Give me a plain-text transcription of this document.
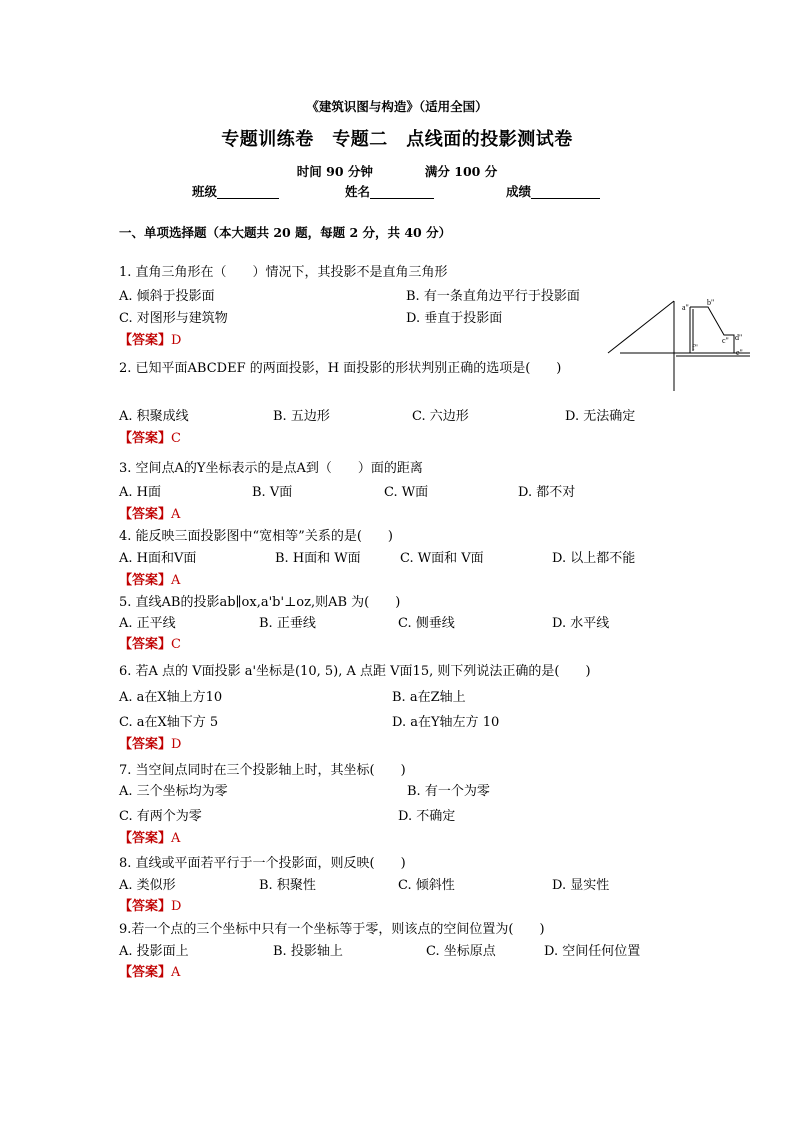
《建筑识图与构造》（适用全国）
专题训练卷　专题二　点线面的投影测试卷
时间 90 分钟	满分 100 分
班级	姓名	成绩
一、单项选择题（本大题共 20 题，每题 2 分，共 40 分）
1. 直角三角形在（　　）情况下，其投影不是直角三角形
A. 倾斜于投影面	B. 有一条直角边平行于投影面
C. 对图形与建筑物	D. 垂直于投影面
【答案】D
2. 已知平面ABCDEF 的两面投影，H 面投影的形状判别正确的选项是(　　)
A. 积聚成线	B. 五边形	C. 六边形	D. 无法确定
【答案】C
3. 空间点A的Y坐标表示的是点A到（　　）面的距离
A. H面	B. V面	C. W面	D. 都不对
【答案】A
4. 能反映三面投影图中“宽相等”关系的是(　　)
A. H面和V面	B. H面和 W面	C. W面和 V面	D. 以上都不能
【答案】A
5. 直线AB的投影ab∥ox,a'b'⊥oz,则AB 为(　　)
A. 正平线	B. 正垂线	C. 侧垂线	D. 水平线
【答案】C
6. 若A 点的 V面投影 a'坐标是(10, 5), A 点距 V面15, 则下列说法正确的是(　　)
A. a在X轴上方10	B. a在Z轴上
C. a在X轴下方 5	D. a在Y轴左方 10
【答案】D
7. 当空间点同时在三个投影轴上时，其坐标(　　)
A. 三个坐标均为零	B. 有一个为零
C. 有两个为零	D. 不确定
【答案】A
8. 直线或平面若平行于一个投影面，则反映(　　)
A. 类似形	B. 积聚性	C. 倾斜性	D. 显实性
【答案】D
9.若一个点的三个坐标中只有一个坐标等于零，则该点的空间位置为(　　)
A. 投影面上	B. 投影轴上	C. 坐标原点	D. 空间任何位置
【答案】A
a"
b"
c" d"
f"
e"
